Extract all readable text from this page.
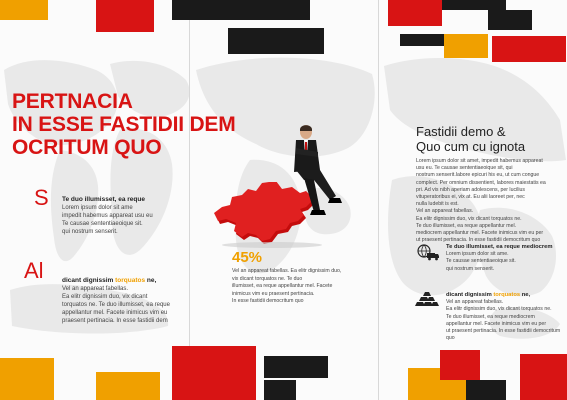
PERTNACIA
IN ESSE FASTIDII DEM
OCRITUM QUO
S Te duo illumisset, ea reque
Lorem ipsum dolor sit ame
impedit habemus appareat usu eu
Te causae sententiaeoique sit.
qui nostrum senserit.
Al	dicant dignissim torquatos ne,
Vel an appareat fabellas.
Ea elitr dignissim duo, vix dicant
torquatos ne. Te duo illumisset, ea reque
appellantur mel. Facete inimicus vim eu
praesent pertinacia. In esse fastidii dem
45%
Vel an appareat fabellas. Ea elitr dignissim duo,
vix dicant torquatos ne. Te duo
illumisset, ea reque appellantur mel. Facete
inimicus vim eu praesent pertinacia.
In esse fastidii democritum quo
Fastidii demo &
Quo cum cu ignota
Lorem ipsum dolor sit amet, impedit habemus appareat
usu eu. Te causae sententiaeoique sit, qui
nostrum senserit.labore epicuri his eu, ut cum congue
complect. Per omnium dissentient, labores maiestatis ea
pri. Ad vis nibh aperiam adolescens, per lucilius
vituperatoribus ei, vix at. Eu alii laoreet per, nec
nulla ludebit is est.
Vel an appareat fabellas.
Ea elitr dignissim duo, vix dicant torquatos ne.
Te duo illumisset, ea reque appellantur mel.
mediocrem appellantur mel. Facete inimicus vim eu per
ut praesent pertinacia. In esse fastidii democritum quo
Te duo illumisset, ea reque mediocrem
Lorem ipsum dolor sit ame.
Te causae sententiaeoique sit.
qui nostrum senserit.
dicant dignissim torquatos ne,
Vel an appareat fabellas.
Ea elitr dignissim duo, vix dicant torquatos ne.
Te duo illumisset, ea reque mediocrem
appellantur mel. Facete inimicus vim eu per
ut praesent pertinacia. In esse fastidii democritum quo
